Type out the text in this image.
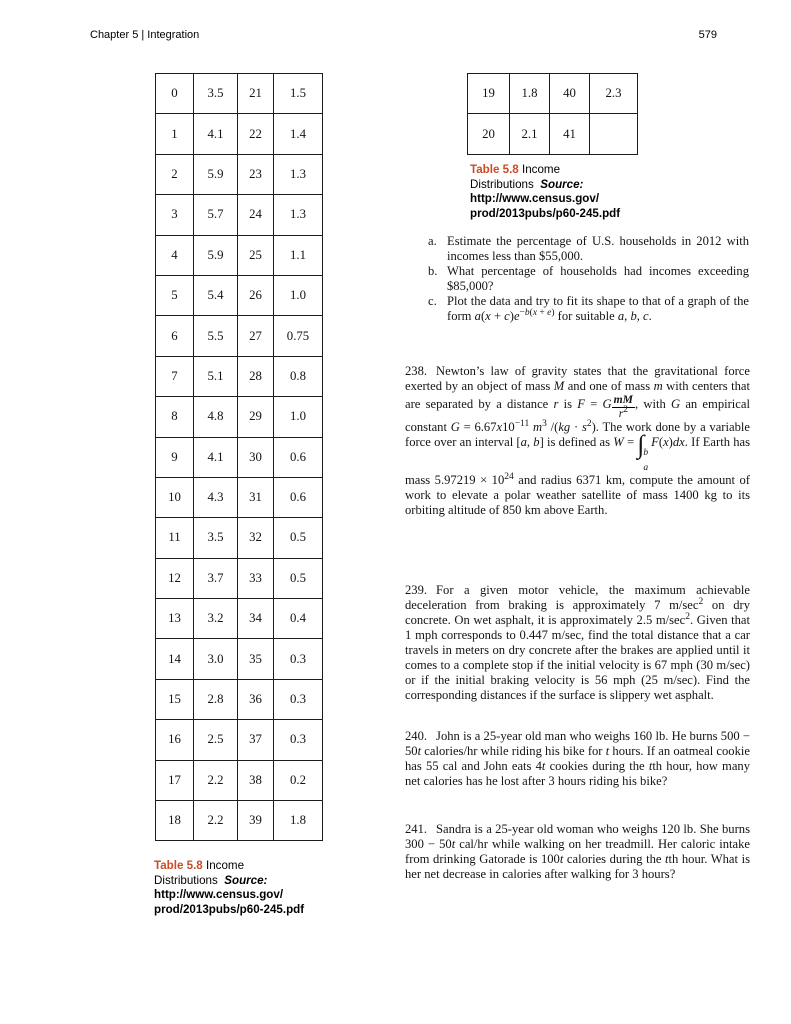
Chapter 5 | Integration	579
0	3.5	21	1.5
1	4.1	22	1.4
2	5.9	23	1.3
3	5.7	24	1.3
4	5.9	25	1.1
5	5.4	26	1.0
6	5.5	27	0.75
7	5.1	28	0.8
8	4.8	29	1.0
9	4.1	30	0.6
10	4.3	31	0.6
11	3.5	32	0.5
12	3.7	33	0.5
13	3.2	34	0.4
14	3.0	35	0.3
15	2.8	36	0.3
16	2.5	37	0.3
17	2.2	38	0.2
18	2.2	39	1.8
Table 5.8 Income
Distributions Source:
http://www.census.gov/
prod/2013pubs/p60-245.pdf
19	1.8	40	2.3
20	2.1	41	
Table 5.8 Income
Distributions Source:
http://www.census.gov/
prod/2013pubs/p60-245.pdf
a. Estimate the percentage of U.S. households in 2012 with incomes less than $55,000.
b. What percentage of households had incomes exceeding $85,000?
c. Plot the data and try to fit its shape to that of a graph of the form $a(x + c)e^{-b(x + e)}$ for suitable a, b, c.
238. Newton’s law of gravity states that the gravitational force exerted by an object of mass M and one of mass m with centers that are separated by a distance r is F = G $\frac{mM}{r^2}$ , with G an empirical constant $G = 6.67x10^{-11}$ $m^3$ $/(kg \cdot s^2)$. The work done by a variable force over an interval [a, b] is defined as W = ∫ b
a
F(x)dx. If Earth has mass $5.97219 \times 10^{24}$ and radius 6371 km, compute the amount of work to elevate a polar weather satellite of mass 1400 kg to its orbiting altitude of 850 km above Earth.
239. For a given motor vehicle, the maximum achievable deceleration from braking is approximately 7 $m/\sec^2$ on dry concrete. On wet asphalt, it is approximately 2.5 $m/\sec^2$. Given that 1 mph corresponds to 0.447 m/sec, find the total distance that a car travels in meters on dry concrete after the brakes are applied until it comes to a complete stop if the initial velocity is 67 mph (30 m/sec) or if the initial braking velocity is 56 mph (25 m/sec). Find the corresponding distances if the surface is slippery wet asphalt.
240. John is a 25-year old man who weighs 160 lb. He burns 500 − 50t calories/hr while riding his bike for t hours. If an oatmeal cookie has 55 cal and John eats 4t cookies during the tth hour, how many net calories has he lost after 3 hours riding his bike?
241. Sandra is a 25-year old woman who weighs 120 lb. She burns 300 − 50t cal/hr while walking on her treadmill. Her caloric intake from drinking Gatorade is 100t calories during the tth hour. What is her net decrease in calories after walking for 3 hours?
